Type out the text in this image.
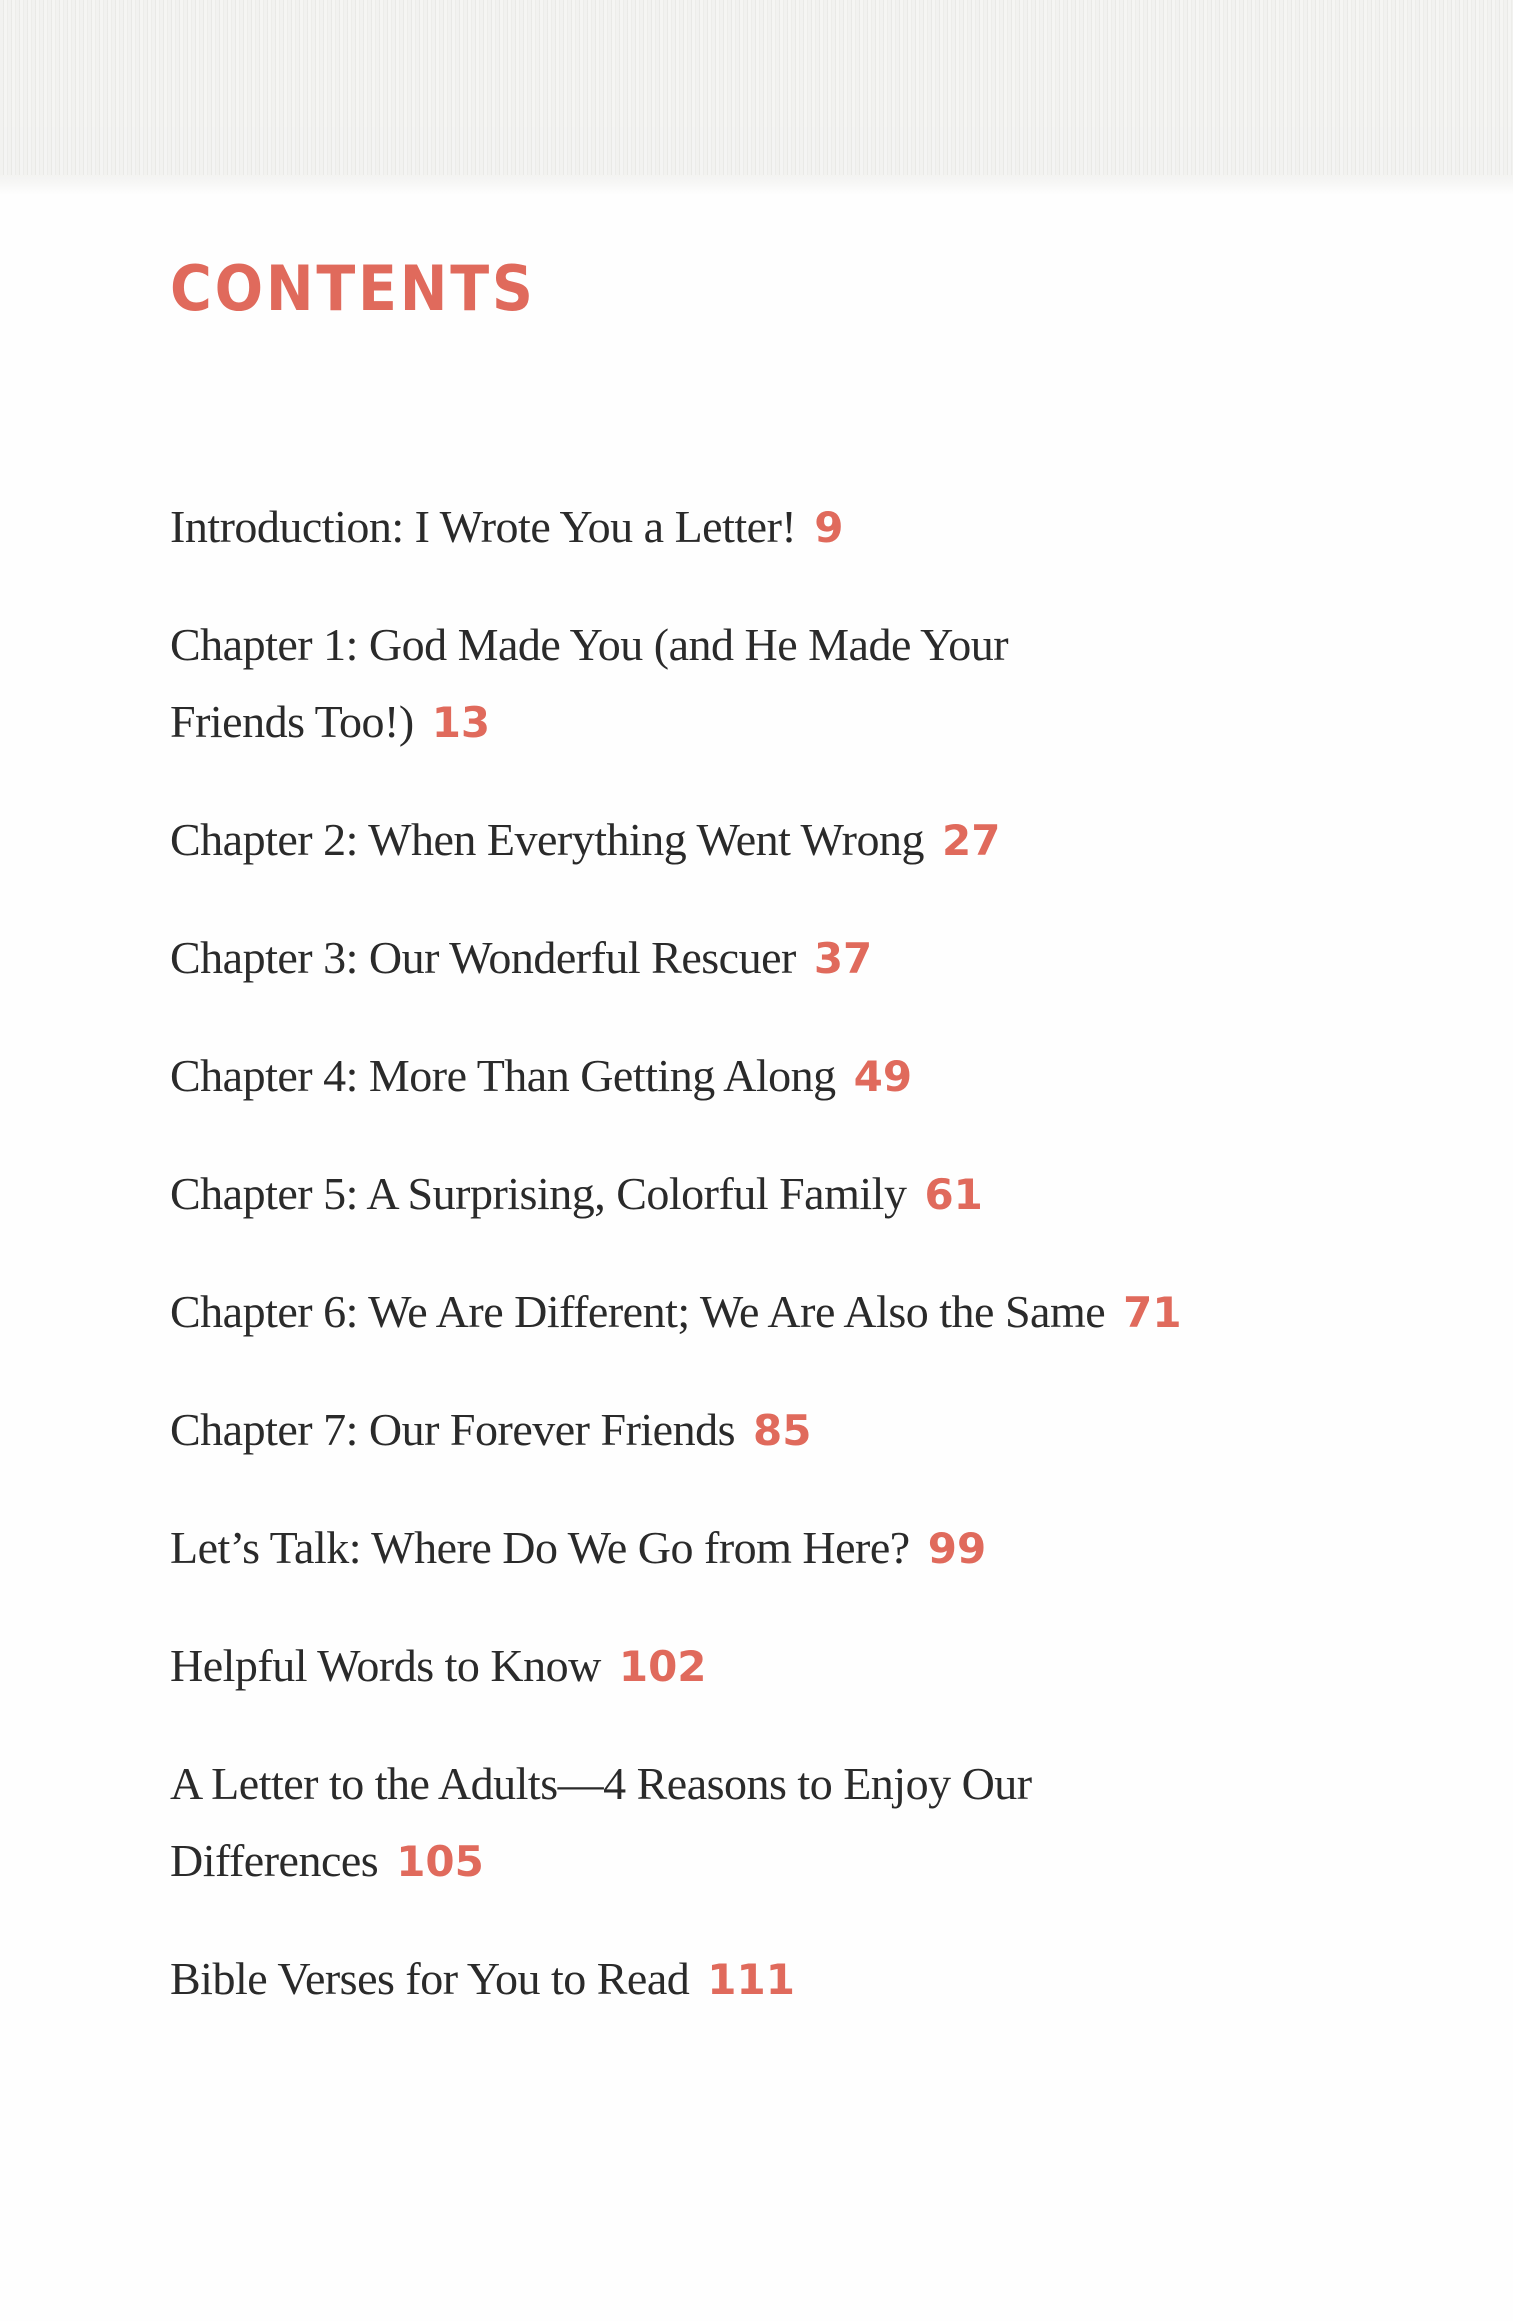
CONTENTS
Introduction: I Wrote You a Letter! 9
Chapter 1: God Made You (and He Made Your Friends Too!) 13
Chapter 2: When Everything Went Wrong 27
Chapter 3: Our Wonderful Rescuer 37
Chapter 4: More Than Getting Along 49
Chapter 5: A Surprising, Colorful Family 61
Chapter 6: We Are Different; We Are Also the Same 71
Chapter 7: Our Forever Friends 85
Let’s Talk: Where Do We Go from Here? 99
Helpful Words to Know 102
A Letter to the Adults—4 Reasons to Enjoy Our Differences 105
Bible Verses for You to Read 111
